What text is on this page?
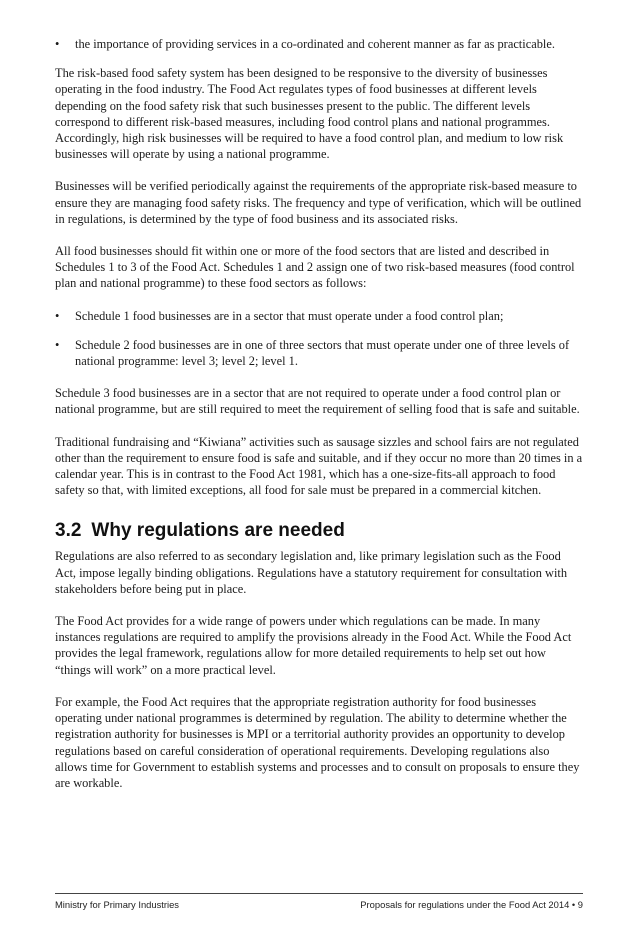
• the importance of providing services in a co-ordinated and coherent manner as far as practicable.

The risk-based food safety system has been designed to be responsive to the diversity of businesses operating in the food industry. The Food Act regulates types of food businesses at different levels depending on the food safety risk that such businesses present to the public. The different levels correspond to different risk-based measures, including food control plans and national programmes. Accordingly, high risk businesses will be required to have a food control plan, and medium to low risk businesses will operate by using a national programme.

Businesses will be verified periodically against the requirements of the appropriate risk-based measure to ensure they are managing food safety risks. The frequency and type of verification, which will be outlined in regulations, is determined by the type of food business and its associated risks.

All food businesses should fit within one or more of the food sectors that are listed and described in Schedules 1 to 3 of the Food Act. Schedules 1 and 2 assign one of two risk-based measures (food control plan and national programme) to these food sectors as follows:

• Schedule 1 food businesses are in a sector that must operate under a food control plan;
• Schedule 2 food businesses are in one of three sectors that must operate under one of three levels of national programme: level 3; level 2; level 1.

Schedule 3 food businesses are in a sector that are not required to operate under a food control plan or national programme, but are still required to meet the requirement of selling food that is safe and suitable.

Traditional fundraising and “Kiwiana” activities such as sausage sizzles and school fairs are not regulated other than the requirement to ensure food is safe and suitable, and if they occur no more than 20 times in a calendar year. This is in contrast to the Food Act 1981, which has a one-size-fits-all approach to food safety so that, with limited exceptions, all food for sale must be prepared in a commercial kitchen.

3.2 Why regulations are needed

Regulations are also referred to as secondary legislation and, like primary legislation such as the Food Act, impose legally binding obligations. Regulations have a statutory requirement for consultation with stakeholders before being put in place.

The Food Act provides for a wide range of powers under which regulations can be made. In many instances regulations are required to amplify the provisions already in the Food Act. While the Food Act provides the legal framework, regulations allow for more detailed requirements to help set out how “things will work” on a more practical level.

For example, the Food Act requires that the appropriate registration authority for food businesses operating under national programmes is determined by regulation. The ability to determine whether the registration authority for businesses is MPI or a territorial authority provides an opportunity to develop regulations based on careful consideration of operational requirements. Developing regulations also allows time for Government to establish systems and processes and to consult on proposals to ensure they are workable.

Ministry for Primary Industries	Proposals for regulations under the Food Act 2014 • 9
